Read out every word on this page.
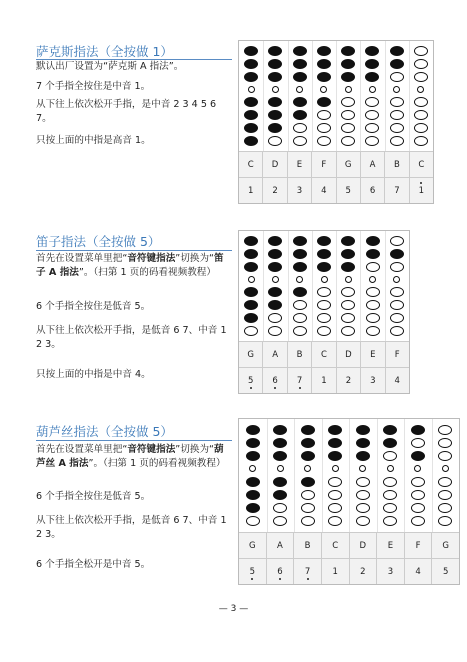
萨克斯指法（全按做 1）
默认出厂设置为“萨克斯 A 指法”。
7 个手指全按住是中音 1。
从下往上依次松开手指，是中音 2 3 4 5 6 7。
只按上面的中指是高音 1。
C	D	E	F	G	A	B	C
1	2	3	4	5	6	7	1
笛子指法（全按做 5）
首先在设置菜单里把“音符键指法”切换为“笛子 A 指法”。（扫第 1 页的码看视频教程）
6 个手指全按住是低音 5。
从下往上依次松开手指，是低音 6 7、中音 1 2 3。
只按上面的中指是中音 4。
G	A	B	C	D	E	F
5	6	7	1	2	3	4
葫芦丝指法（全按做 5）
首先在设置菜单里把“音符键指法”切换为“葫芦丝 A 指法”。（扫第 1 页的码看视频教程）
6 个手指全按住是低音 5。
从下往上依次松开手指，是低音 6 7、中音 1 2 3。
6 个手指全松开是中音 5。
G	A	B	C	D	E	F	G
5	6	7	1	2	3	4	5
— 3 —
